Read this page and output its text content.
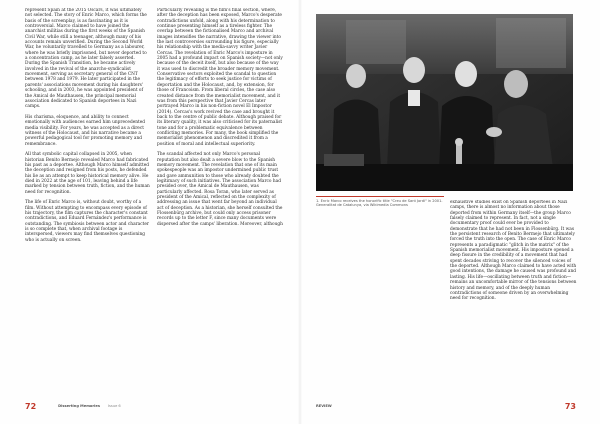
represent Spain at the 2015 Oscars, it was ultimately not selected. The story of Enric Marco, which forms the basis of the screenplay, is as fascinating as it is controversial. Marco claimed to have joined the anarchist militias during the first weeks of the Spanish Civil War, while still a teenager, although many of his accounts remain unverified. During the Second World War, he voluntarily travelled to Germany as a labourer, where he was briefly imprisoned, but never deported to a concentration camp, as he later falsely asserted. During the Spanish Transition, he became actively involved in the revival of the anarcho-syndicalist movement, serving as secretary general of the CNT between 1978 and 1979. He later participated in the parents' associations movement during his daughters' schooling, and in 2003, he was appointed president of the Amical de Mauthausen, the principal memorial association dedicated to Spanish deportees in Nazi camps.

His charisma, eloquence, and ability to connect emotionally with audiences earned him unprecedented media visibility. For years, he was accepted as a direct witness of the Holocaust, and his narrative became a powerful pedagogical tool for promoting memory and remembrance.

All that symbolic capital collapsed in 2005, when historian Benito Bermejo revealed Marco had fabricated his past as a deportee. Although Marco himself admitted the deception and resigned from his posts, he defended his lie as an attempt to keep historical memory alive. He died in 2022 at the age of 101, leaving behind a life marked by tension between truth, fiction, and the human need for recognition.

The life of Enric Marco is, without doubt, worthy of a film. Without attempting to encompass every episode of his trajectory, the film captures the character's constant contradictions, and Eduard Fernández's performance is outstanding. The symbiosis between actor and character is so complete that, when archival footage is interspersed, viewers may find themselves questioning who is actually on screen.

Particularly revealing is the film's final section, where, after the deception has been exposed, Marco's desperate contradictions unfold, along with his determination to continue presenting himself as a tireless fighter. The overlap between the fictionalised Marco and archival images intensifies the narrative, drawing the viewer into the last controversies surrounding his figure, especially his relationship with the media-savvy writer Javier Cercas. The revelation of Enric Marco's imposture in 2005 had a profound impact on Spanish society—not only because of the deceit itself, but also because of the way it was used to discredit the broader memory movement. Conservative sectors exploited the scandal to question the legitimacy of efforts to seek justice for victims of deportation and the Holocaust, and, by extension, for those of Francoism. From liberal circles, the case also created distance from the memorialist movement, and it was from this perspective that Javier Cercas later portrayed Marco in his non-fiction novel El Impostor (2014). Cercas's work revived the case and brought it back to the centre of public debate. Although praised for its literary quality, it was also criticised for its paternalist tone and for a problematic equivalence between conflicting memories. For many, the book simplified the memorialist phenomenon and discredited it from a position of moral and intellectual superiority.

The scandal affected not only Marco's personal reputation but also dealt a severe blow to the Spanish memory movement. The revelation that one of its main spokespeople was an impostor undermined public trust and gave ammunition to those who already doubted the legitimacy of such initiatives. The association Marco had presided over, the Amical de Mauthausen, was particularly affected. Rosa Toran, who later served as president of the Amical, reflected on the complexity of addressing an issue that went far beyond an individual act of deception. As a historian, she herself consulted the Flossenbürg archive, but could only access prisoner records up to the letter F, since many documents were dispersed after the camps' liberation. Moreover, although

1. Enric Marco receives the honorific title "Creu de Sant Jordi" in 2001. Generalitat de Catalunya, via Wikimedia Commons

exhaustive studies exist on Spanish deportees in Nazi camps, there is almost no information about those deported from within Germany itself—the group Marco falsely claimed to represent. In fact, not a single documentary proof could ever be provided to demonstrate that he had not been in Flossenbürg. It was the persistent research of Benito Bermejo that ultimately forced the truth into the open. The case of Enric Marco represents a paradigmatic "glitch in the matrix" of the Spanish memorialist movement. His imposture opened a deep fissure in the credibility of a movement that had spent decades striving to recover the silenced voices of the deported. Although Marco claimed to have acted with good intentions, the damage he caused was profound and lasting. His life—oscillating between truth and fiction—remains an uncomfortable mirror of the tensions between history and memory, and of the deeply human contradictions of someone driven by an overwhelming need for recognition.

72	Disserting Memories Issue 6	REVIEW	73
